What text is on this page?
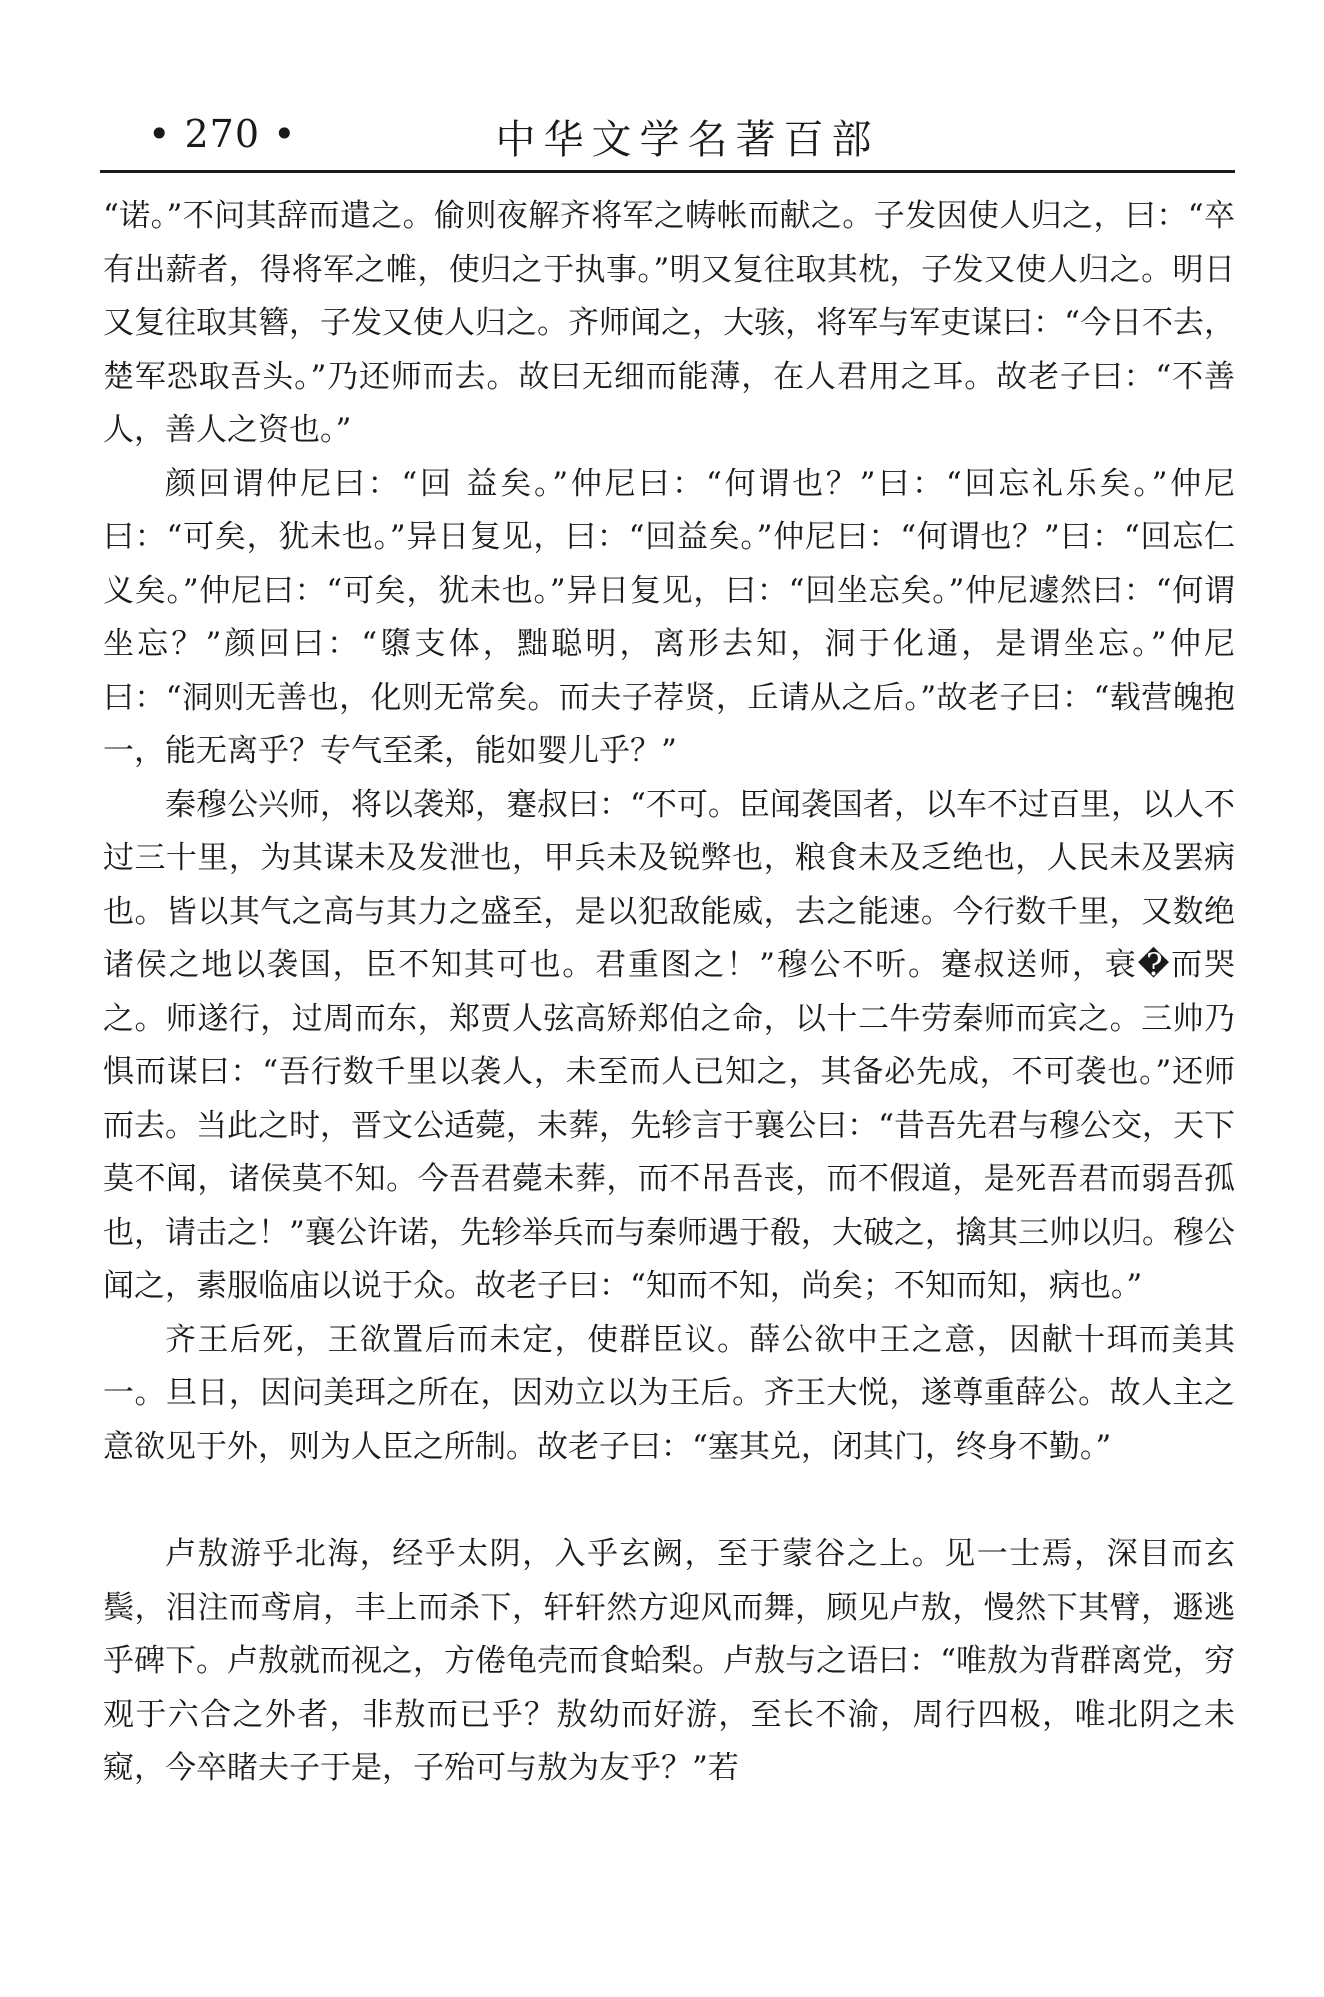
• 270 •	中华文学名著百部

“诺。”不问其辞而遣之。偷则夜解齐将军之帱帐而献之。子发因使人归之，曰：“卒有出薪者，得将军之帷，使归之于执事。”明又复往取其枕，子发又使人归之。明日又复往取其簪，子发又使人归之。齐师闻之，大骇，将军与军吏谋曰：“今日不去，楚军恐取吾头。”乃还师而去。故曰无细而能薄，在人君用之耳。故老子曰：“不善人，善人之资也。”

颜回谓仲尼曰：“回 益矣。”仲尼曰：“何谓也？”曰：“回忘礼乐矣。”仲尼曰：“可矣，犹未也。”异日复见，曰：“回益矣。”仲尼曰：“何谓也？”曰：“回忘仁义矣。”仲尼曰：“可矣，犹未也。”异日复见，曰：“回坐忘矣。”仲尼遽然曰：“何谓坐忘？”颜回曰：“隳支体，黜聪明，离形去知，洞于化通，是谓坐忘。”仲尼曰：“洞则无善也，化则无常矣。而夫子荐贤，丘请从之后。”故老子曰：“载营魄抱一，能无离乎？专气至柔，能如婴儿乎？”

秦穆公兴师，将以袭郑，蹇叔曰：“不可。臣闻袭国者，以车不过百里，以人不过三十里，为其谋未及发泄也，甲兵未及锐弊也，粮食未及乏绝也，人民未及罢病也。皆以其气之高与其力之盛至，是以犯敌能威，去之能速。今行数千里，又数绝诸侯之地以袭国，臣不知其可也。君重图之！”穆公不听。蹇叔送师，衰�而哭之。师遂行，过周而东，郑贾人弦高矫郑伯之命，以十二牛劳秦师而宾之。三帅乃惧而谋曰：“吾行数千里以袭人，未至而人已知之，其备必先成，不可袭也。”还师而去。当此之时，晋文公适薨，未葬，先轸言于襄公曰：“昔吾先君与穆公交，天下莫不闻，诸侯莫不知。今吾君薨未葬，而不吊吾丧，而不假道，是死吾君而弱吾孤也，请击之！”襄公许诺，先轸举兵而与秦师遇于殽，大破之，擒其三帅以归。穆公闻之，素服临庙以说于众。故老子曰：“知而不知，尚矣；不知而知，病也。”

齐王后死，王欲置后而未定，使群臣议。薛公欲中王之意，因献十珥而美其一。旦日，因问美珥之所在，因劝立以为王后。齐王大悦，遂尊重薛公。故人主之意欲见于外，则为人臣之所制。故老子曰：“塞其兑，闭其门，终身不勤。”

卢敖游乎北海，经乎太阴，入乎玄阙，至于蒙谷之上。见一士焉，深目而玄鬓，泪注而鸢肩，丰上而杀下，轩轩然方迎风而舞，顾见卢敖，慢然下其臂，遯逃乎碑下。卢敖就而视之，方倦龟壳而食蛤梨。卢敖与之语曰：“唯敖为背群离党，穷观于六合之外者，非敖而已乎？敖幼而好游，至长不渝，周行四极，唯北阴之未窥，今卒睹夫子于是，子殆可与敖为友乎？”若
